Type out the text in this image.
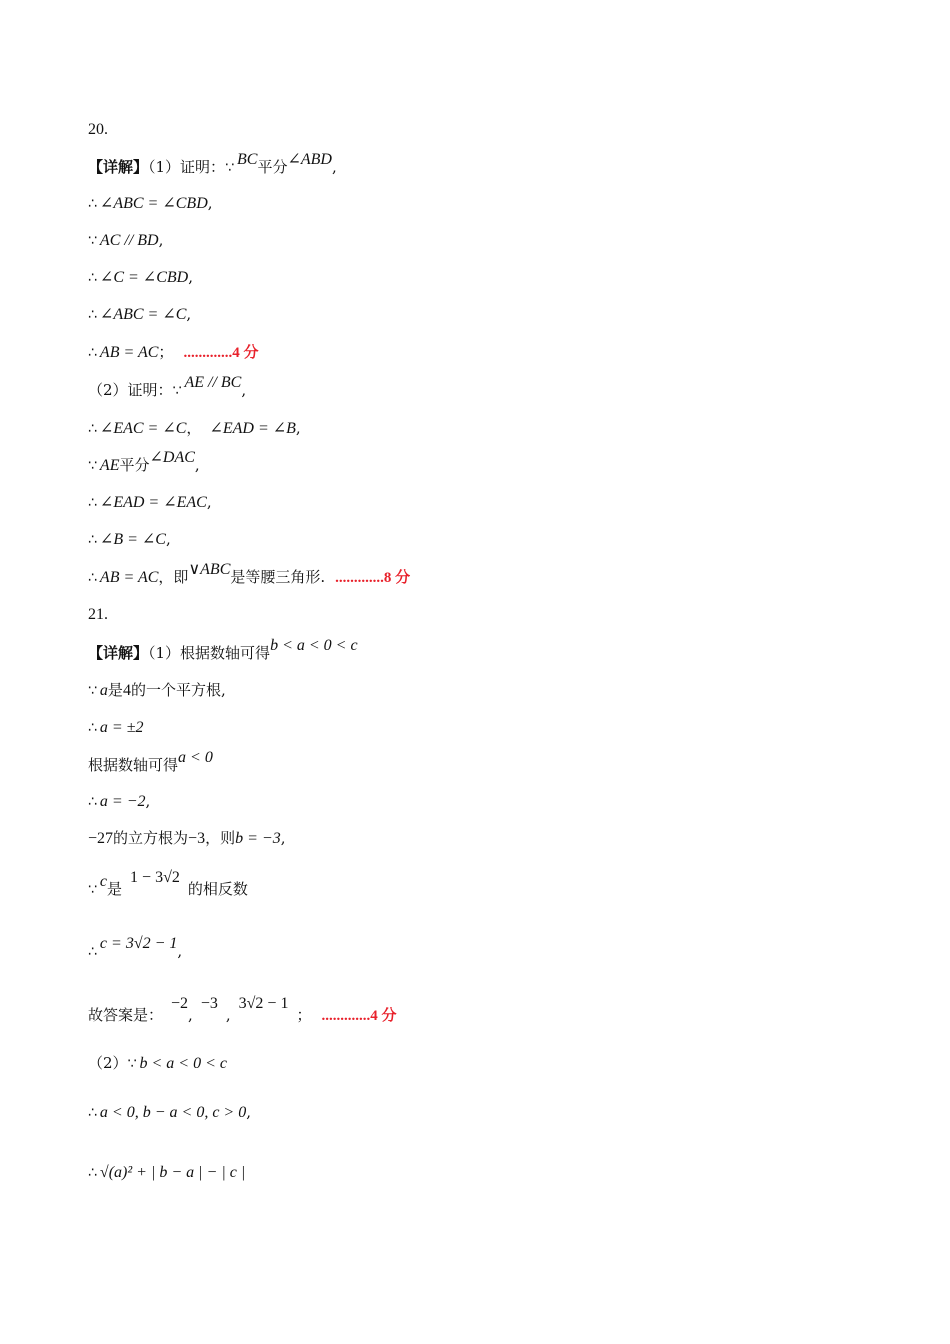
20.
【详解】（1）证明：∵ BC平分∠ABD,
∴ ∠ABC = ∠CBD,
∵ AC // BD,
∴ ∠C = ∠CBD,
∴ ∠ABC = ∠C,
∴ AB = AC； .............4 分
（2）证明：∵ AE // BC,
∴ ∠EAC = ∠C， ∠EAD = ∠B,
∵ AE平分∠DAC,
∴ ∠EAD = ∠EAC,
∴ ∠B = ∠C,
∴ AB = AC，即∨ABC是等腰三角形. .............8 分
21.
【详解】（1）根据数轴可得b < a < 0 < c
∵ a是4的一个平方根,
∴ a = ±2
根据数轴可得a < 0
∴ a = −2,
−27的立方根为−3，则b = −3,
∵ c是1 − 3√2的相反数
∴ c = 3√2 − 1,
故答案是：−2,−3,3√2 − 1； .............4 分
（2）∵ b < a < 0 < c
∴ a < 0, b − a < 0, c > 0,
∴ √(a)² + | b − a | − | c |
